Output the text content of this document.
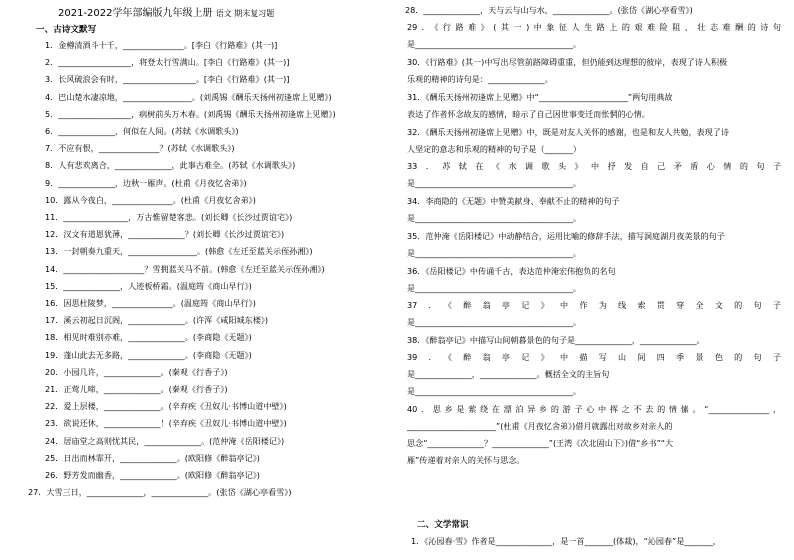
2021-2022学年部编版九年级上册 语文 期末复习题
一、古诗文默写
1．金樽清酒斗十千，_______________。[李白《行路难》(其一)]
2．__________________，将登太行雪满山。[李白《行路难》(其一)]
3．长风破浪会有时，__________________。[李白《行路难》(其一)]
4．巴山楚水凄凉地，_________________。(刘禹锡《酬乐天扬州初逢席上见赠》)
5．__________________，病树前头万木春。(刘禹锡《酬乐天扬州初逢席上见赠》)
6．______________，何似在人间。(苏轼《水调歌头》)
7．不应有恨，_______________？(苏轼《水调歌头》)
8．人有悲欢离合，______________，此事古难全。(苏轼《水调歌头》)
9．______________，边秋一雁声。(杜甫《月夜忆舍弟》)
10．露从今夜白，_______________。(杜甫《月夜忆舍弟》)
11．________________，万古惟留楚客悲。(刘长卿《长沙过贾谊宅》)
12．汉文有道恩犹薄，______________？(刘长卿《长沙过贾谊宅》)
13．一封朝奏九重天，_________________。(韩愈《左迁至蓝关示侄孙湘》)
14．____________________？雪拥蓝关马不前。(韩愈《左迁至蓝关示侄孙湘》)
15．______________，人迹板桥霜。(温庭筠《商山早行》)
16．因思杜陵梦，_______________。(温庭筠《商山早行》)
17．溪云初起日沉阁，______________。(许浑《咸阳城东楼》)
18．相见时难别亦难，______________。(李商隐《无题》)
19．蓬山此去无多路，______________。(李商隐《无题》)
20．小园几许，______________。(秦观《行香子》)
21．正莺儿啼，______________。(秦观《行香子》)
22．爱上层楼，______________。(辛弃疾《丑奴儿·书博山道中壁》)
23．欲说还休，______________！(辛弃疾《丑奴儿·书博山道中壁》)
24．居庙堂之高则忧其民，______________。(范仲淹《岳阳楼记》)
25．日出而林霏开，______________。(欧阳修《醉翁亭记》)
26．野芳发而幽香，______________。(欧阳修《醉翁亭记》)
27．大雪三日，______________，______________。(张岱《湖心亭看雪》)
28．______________，天与云与山与水，______________。(张岱《湖心亭看雪》)
29．《行路难》(其一)中象征人生路上的艰难险阻、壮志难酬的诗句
是_______________________________________。
30．《行路难》(其一)中写出尽管前路障碍重重，但仍能到达理想的彼岸，表现了诗人积极
乐观的精神的诗句是：______________。
31．《酬乐天扬州初逢席上见赠》中“______________________”两句用典故
表达了作者怀念故友的感情，暗示了自己因世事变迁而怅惘的心情。
32．《酬乐天扬州初逢席上见赠》中，既是对友人关怀的感谢，也是和友人共勉，表现了诗
人坚定的意志和乐观的精神的句子是（_______）
33．苏轼在《水调歌头》中抒发自己矛盾心情的句子
是_______________________________________。
34．李商隐的《无题》中赞美献身、奉献不止的精神的句子
是_______________________________________。
35．范仲淹《岳阳楼记》中动静结合，运用比喻的修辞手法，描写洞庭湖月夜美景的句子
是_______________________________________。
36．《岳阳楼记》中传诵千古，表达范仲淹宏伟抱负的名句
是_______________________________________。
37．《醉翁亭记》中作为线索贯穿全文的句子
是_______________________________________。
38．《醉翁亭记》中描写山间朝暮景色的句子是______________，______________。
39．《醉翁亭记》中描写山间四季景色的句子
是______________，______________。概括全文的主旨句
是_______________________________________。
40．思乡是萦绕在漂泊异乡的游子心中挥之不去的情愫。“_______________，
______________________”(杜甫《月夜忆舍弟》)借月就露出对故乡对亲人的
思念“______________？______________”(王湾《次北固山下》)借“乡书”“大
雁”传递着对亲人的关怀与思念。
二、文学常识
1．《沁园春·雪》作者是______________，是一首_______(体裁)，“沁园春”是_______，
